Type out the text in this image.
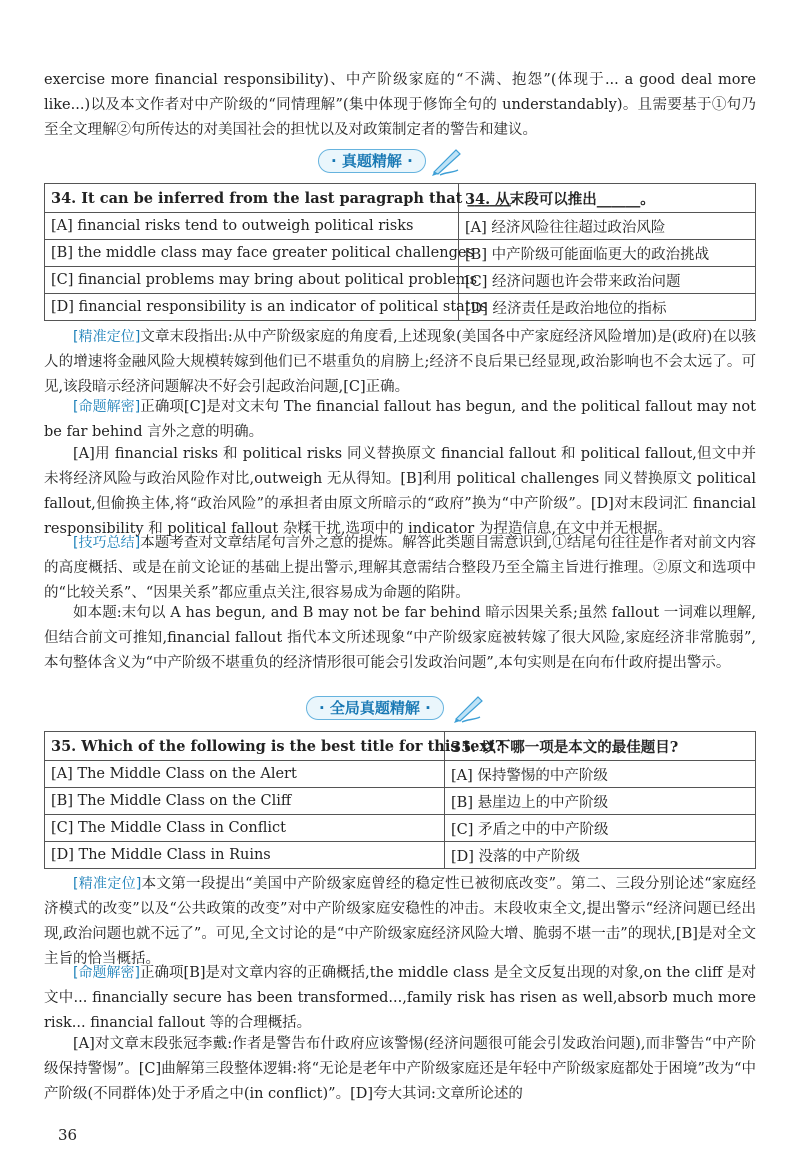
exercise more financial responsibility)、中产阶级家庭的“不满、抱怨”(体现于... a good deal more like...)以及本文作者对中产阶级的“同情理解”(集中体现于修饰全句的 understandably)。且需要基于①句乃至全文理解②句所传达的对美国社会的担忧以及对政策制定者的警告和建议。

· 真题精解 ·
34. It can be inferred from the last paragraph that ______.	34. 从末段可以推出______。
[A] financial risks tend to outweigh political risks	[A] 经济风险往往超过政治风险
[B] the middle class may face greater political challenges	[B] 中产阶级可能面临更大的政治挑战
[C] financial problems may bring about political problems	[C] 经济问题也许会带来政治问题
[D] financial responsibility is an indicator of political status	[D] 经济责任是政治地位的指标

[精准定位]文章末段指出:从中产阶级家庭的角度看,上述现象(美国各中产家庭经济风险增加)是(政府)在以骇人的增速将金融风险大规模转嫁到他们已不堪重负的肩膀上;经济不良后果已经显现,政治影响也不会太远了。可见,该段暗示经济问题解决不好会引起政治问题,[C]正确。

[命题解密]正确项[C]是对文末句 The financial fallout has begun, and the political fallout may not be far behind 言外之意的明确。

[A]用 financial risks 和 political risks 同义替换原文 financial fallout 和 political fallout,但文中并未将经济风险与政治风险作对比,outweigh 无从得知。[B]利用 political challenges 同义替换原文 political fallout,但偷换主体,将“政治风险”的承担者由原文所暗示的“政府”换为“中产阶级”。[D]对末段词汇 financial responsibility 和 political fallout 杂糅干扰,选项中的 indicator 为捏造信息,在文中并无根据。

[技巧总结]本题考查对文章结尾句言外之意的提炼。解答此类题目需意识到,①结尾句往往是作者对前文内容的高度概括、或是在前文论证的基础上提出警示,理解其意需结合整段乃至全篇主旨进行推理。②原文和选项中的“比较关系”、“因果关系”都应重点关注,很容易成为命题的陷阱。

如本题:末句以 A has begun, and B may not be far behind 暗示因果关系;虽然 fallout 一词难以理解,但结合前文可推知,financial fallout 指代本文所述现象“中产阶级家庭被转嫁了很大风险,家庭经济非常脆弱”,本句整体含义为“中产阶级不堪重负的经济情形很可能会引发政治问题”,本句实则是在向布什政府提出警示。

· 全局真题精解 ·
35. Which of the following is the best title for this text?	35. 以下哪一项是本文的最佳题目?
[A] The Middle Class on the Alert	[A] 保持警惕的中产阶级
[B] The Middle Class on the Cliff	[B] 悬崖边上的中产阶级
[C] The Middle Class in Conflict	[C] 矛盾之中的中产阶级
[D] The Middle Class in Ruins	[D] 没落的中产阶级

[精准定位]本文第一段提出“美国中产阶级家庭曾经的稳定性已被彻底改变”。第二、三段分别论述“家庭经济模式的改变”以及“公共政策的改变”对中产阶级家庭安稳性的冲击。末段收束全文,提出警示“经济问题已经出现,政治问题也就不远了”。可见,全文讨论的是“中产阶级家庭经济风险大增、脆弱不堪一击”的现状,[B]是对全文主旨的恰当概括。

[命题解密]正确项[B]是对文章内容的正确概括,the middle class 是全文反复出现的对象,on the cliff 是对文中... financially secure has been transformed...,family risk has risen as well,absorb much more risk... financial fallout 等的合理概括。

[A]对文章末段张冠李戴:作者是警告布什政府应该警惕(经济问题很可能会引发政治问题),而非警告“中产阶级保持警惕”。[C]曲解第三段整体逻辑:将“无论是老年中产阶级家庭还是年轻中产阶级家庭都处于困境”改为“中产阶级(不同群体)处于矛盾之中(in conflict)”。[D]夸大其词:文章所论述的

36
